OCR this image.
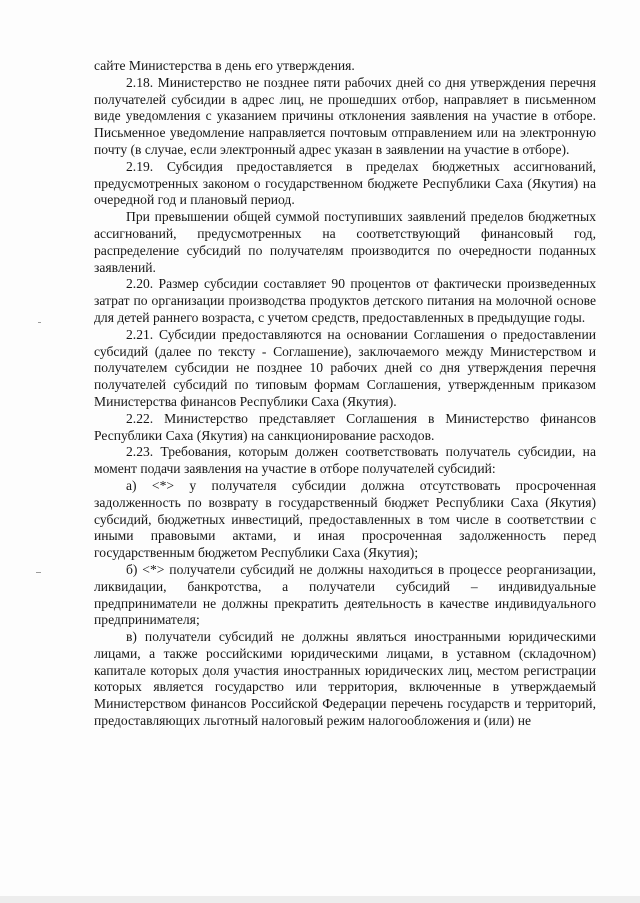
сайте Министерства в день его утверждения.

2.18. Министерство не позднее пяти рабочих дней со дня утверждения перечня получателей субсидии в адрес лиц, не прошедших отбор, направляет в письменном виде уведомления с указанием причины отклонения заявления на участие в отборе. Письменное уведомление направляется почтовым отправлением или на электронную почту (в случае, если электронный адрес указан в заявлении на участие в отборе).

2.19. Субсидия предоставляется в пределах бюджетных ассигнований, предусмотренных законом о государственном бюджете Республики Саха (Якутия) на очередной год и плановый период.

При превышении общей суммой поступивших заявлений пределов бюджетных ассигнований, предусмотренных на соответствующий финансовый год, распределение субсидий по получателям производится по очередности поданных заявлений.

2.20. Размер субсидии составляет 90 процентов от фактически произведенных затрат по организации производства продуктов детского питания на молочной основе для детей раннего возраста, с учетом средств, предоставленных в предыдущие годы.

2.21. Субсидии предоставляются на основании Соглашения о предоставлении субсидий (далее по тексту - Соглашение), заключаемого между Министерством и получателем субсидии не позднее 10 рабочих дней со дня утверждения перечня получателей субсидий по типовым формам Соглашения, утвержденным приказом Министерства финансов Республики Саха (Якутия).

2.22. Министерство представляет Соглашения в Министерство финансов Республики Саха (Якутия) на санкционирование расходов.

2.23. Требования, которым должен соответствовать получатель субсидии, на момент подачи заявления на участие в отборе получателей субсидий:

а) <*> у получателя субсидии должна отсутствовать просроченная задолженность по возврату в государственный бюджет Республики Саха (Якутия) субсидий, бюджетных инвестиций, предоставленных в том числе в соответствии с иными правовыми актами, и иная просроченная задолженность перед государственным бюджетом Республики Саха (Якутия);

б) <*> получатели субсидий не должны находиться в процессе реорганизации, ликвидации, банкротства, а получатели субсидий – индивидуальные предприниматели не должны прекратить деятельность в качестве индивидуального предпринимателя;

в) получатели субсидий не должны являться иностранными юридическими лицами, а также российскими юридическими лицами, в уставном (складочном) капитале которых доля участия иностранных юридических лиц, местом регистрации которых является государство или территория, включенные в утверждаемый Министерством финансов Российской Федерации перечень государств и территорий, предоставляющих льготный налоговый режим налогообложения и (или) не
